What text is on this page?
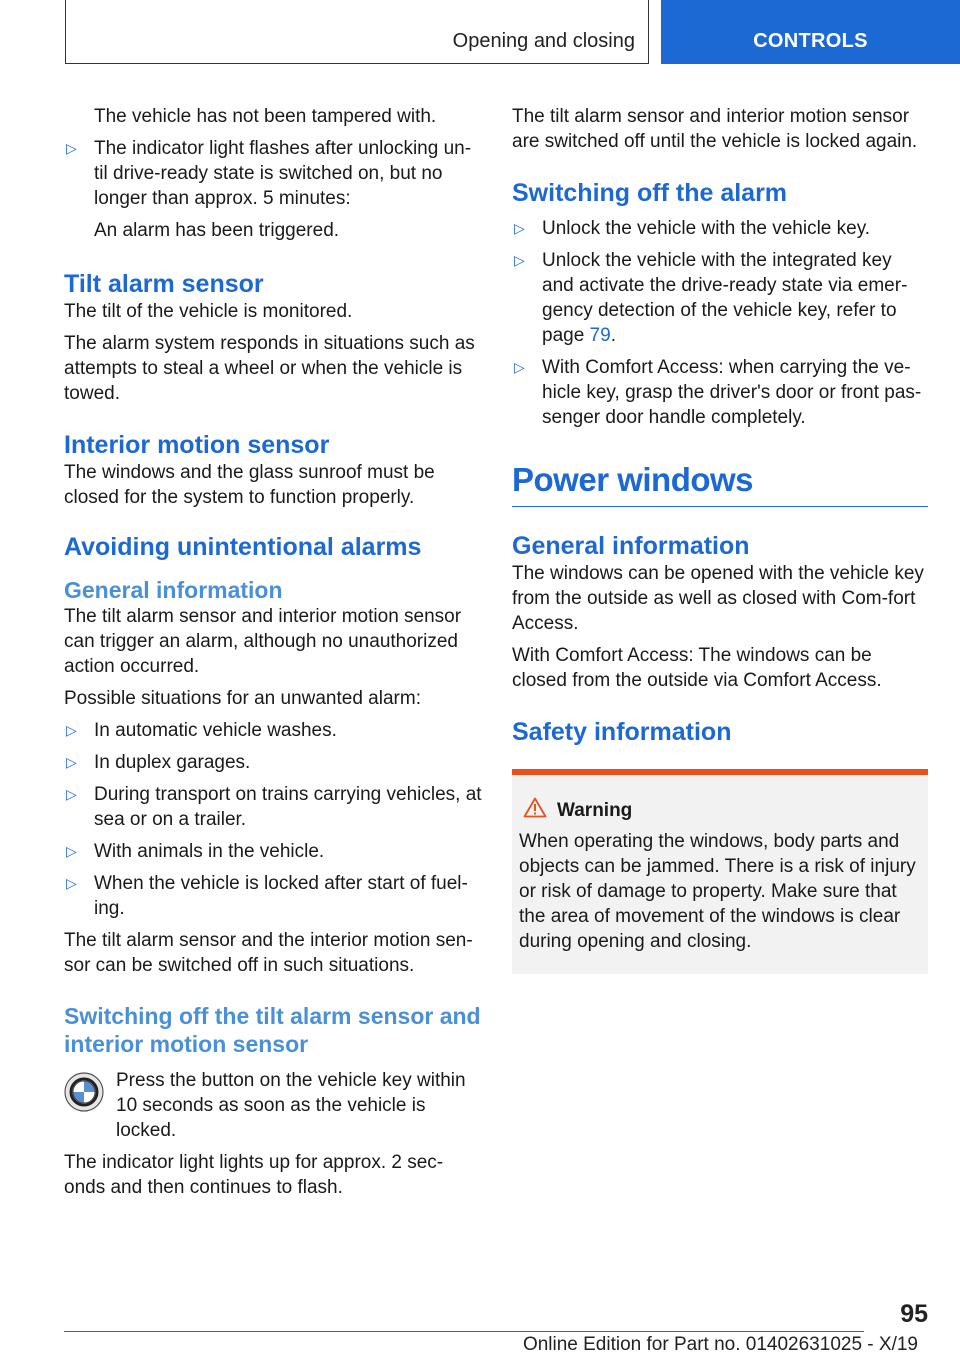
Opening and closing	CONTROLS

The vehicle has not been tampered with.

▷ The indicator light flashes after unlocking un-til drive-ready state is switched on, but no longer than approx. 5 minutes:

An alarm has been triggered.

Tilt alarm sensor

The tilt of the vehicle is monitored.

The alarm system responds in situations such as attempts to steal a wheel or when the vehicle is towed.

Interior motion sensor

The windows and the glass sunroof must be closed for the system to function properly.

Avoiding unintentional alarms
General information

The tilt alarm sensor and interior motion sensor can trigger an alarm, although no unauthorized action occurred.

Possible situations for an unwanted alarm:

▷ In automatic vehicle washes.
▷ In duplex garages.
▷ During transport on trains carrying vehicles, at sea or on a trailer.
▷ With animals in the vehicle.
▷ When the vehicle is locked after start of fuel-ing.

The tilt alarm sensor and the interior motion sen-sor can be switched off in such situations.

Switching off the tilt alarm sensor and interior motion sensor

Press the button on the vehicle key within 10 seconds as soon as the vehicle is locked.

The indicator light lights up for approx. 2 sec-onds and then continues to flash.

The tilt alarm sensor and interior motion sensor are switched off until the vehicle is locked again.

Switching off the alarm
▷ Unlock the vehicle with the vehicle key.
▷ Unlock the vehicle with the integrated key and activate the drive-ready state via emer-gency detection of the vehicle key, refer to page 79.
▷ With Comfort Access: when carrying the ve-hicle key, grasp the driver's door or front pas-senger door handle completely.
Power windows
General information

The windows can be opened with the vehicle key from the outside as well as closed with Com-fort Access.

With Comfort Access: The windows can be closed from the outside via Comfort Access.

Safety information
Warning

When operating the windows, body parts and objects can be jammed. There is a risk of injury or risk of damage to property. Make sure that the area of movement of the windows is clear during opening and closing.

95
Online Edition for Part no. 01402631025 - X/19
